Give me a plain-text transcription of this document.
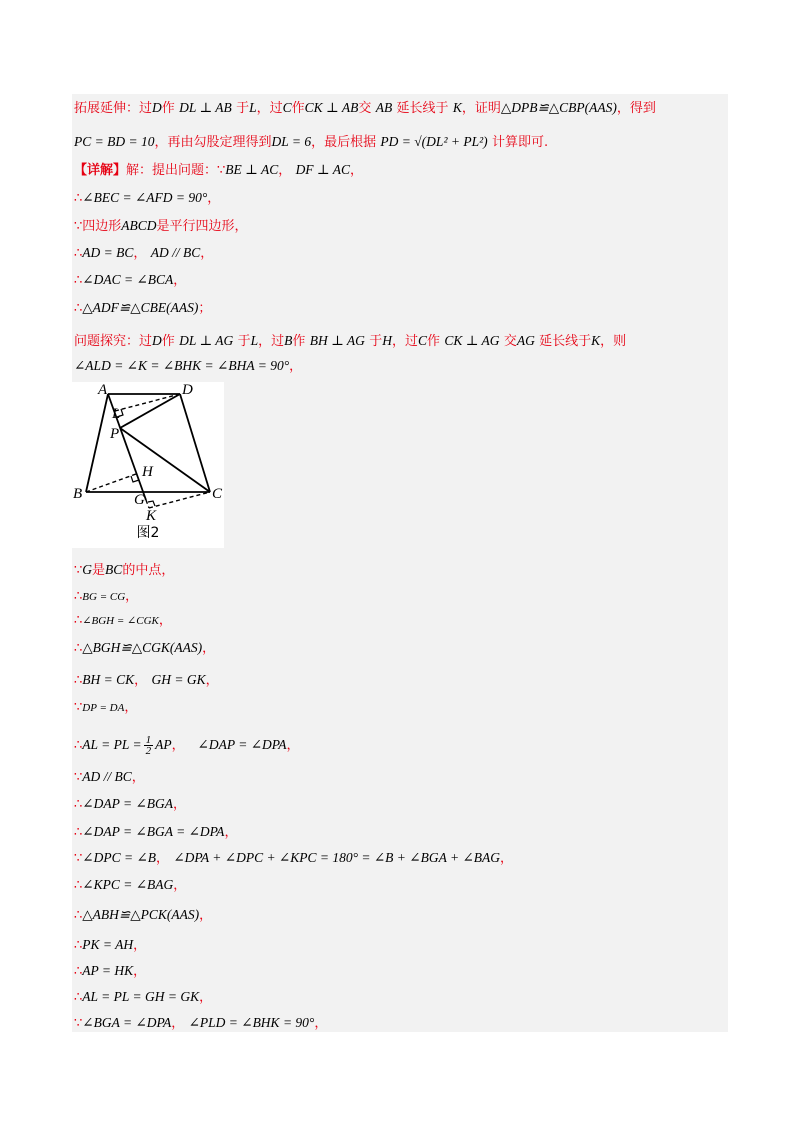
拓展延伸：过D作 DL ⊥ AB 于L，过C作CK ⊥ AB交 AB 延长线于 K，证明△DPB≌△CBP(AAS)，得到
PC = BD = 10，再由勾股定理得到DL = 6，最后根据 PD = √(DL² + PL²) 计算即可.
【详解】解：提出问题：∵BE ⊥ AC， DF ⊥ AC，
∴∠BEC = ∠AFD = 90°，
∵四边形ABCD是平行四边形，
∴AD = BC， AD // BC，
∴∠DAC = ∠BCA，
∴△ADF≌△CBE(AAS)；
问题探究：过D作 DL ⊥ AG 于L，过B作 BH ⊥ AG 于H，过C作 CK ⊥ AG 交AG 延长线于K，则
∠ALD = ∠K = ∠BHK = ∠BHA = 90°，
A	D
L
P
H
B	G	C
K
图2
∵G是BC的中点，
∴BG = CG，
∴∠BGH = ∠CGK，
∴△BGH≌△CGK(AAS)，
∴BH = CK， GH = GK，
∵DP = DA，
∴AL = PL = $\frac{1}{2}$ AP， ∠DAP = ∠DPA，
∵AD // BC，
∴∠DAP = ∠BGA，
∴∠DAP = ∠BGA = ∠DPA，
∵∠DPC = ∠B， ∠DPA + ∠DPC + ∠KPC = 180° = ∠B + ∠BGA + ∠BAG，
∴∠KPC = ∠BAG，
∴△ABH≌△PCK(AAS)，
∴PK = AH，
∴AP = HK，
∴AL = PL = GH = GK，
∵∠BGA = ∠DPA， ∠PLD = ∠BHK = 90°，
